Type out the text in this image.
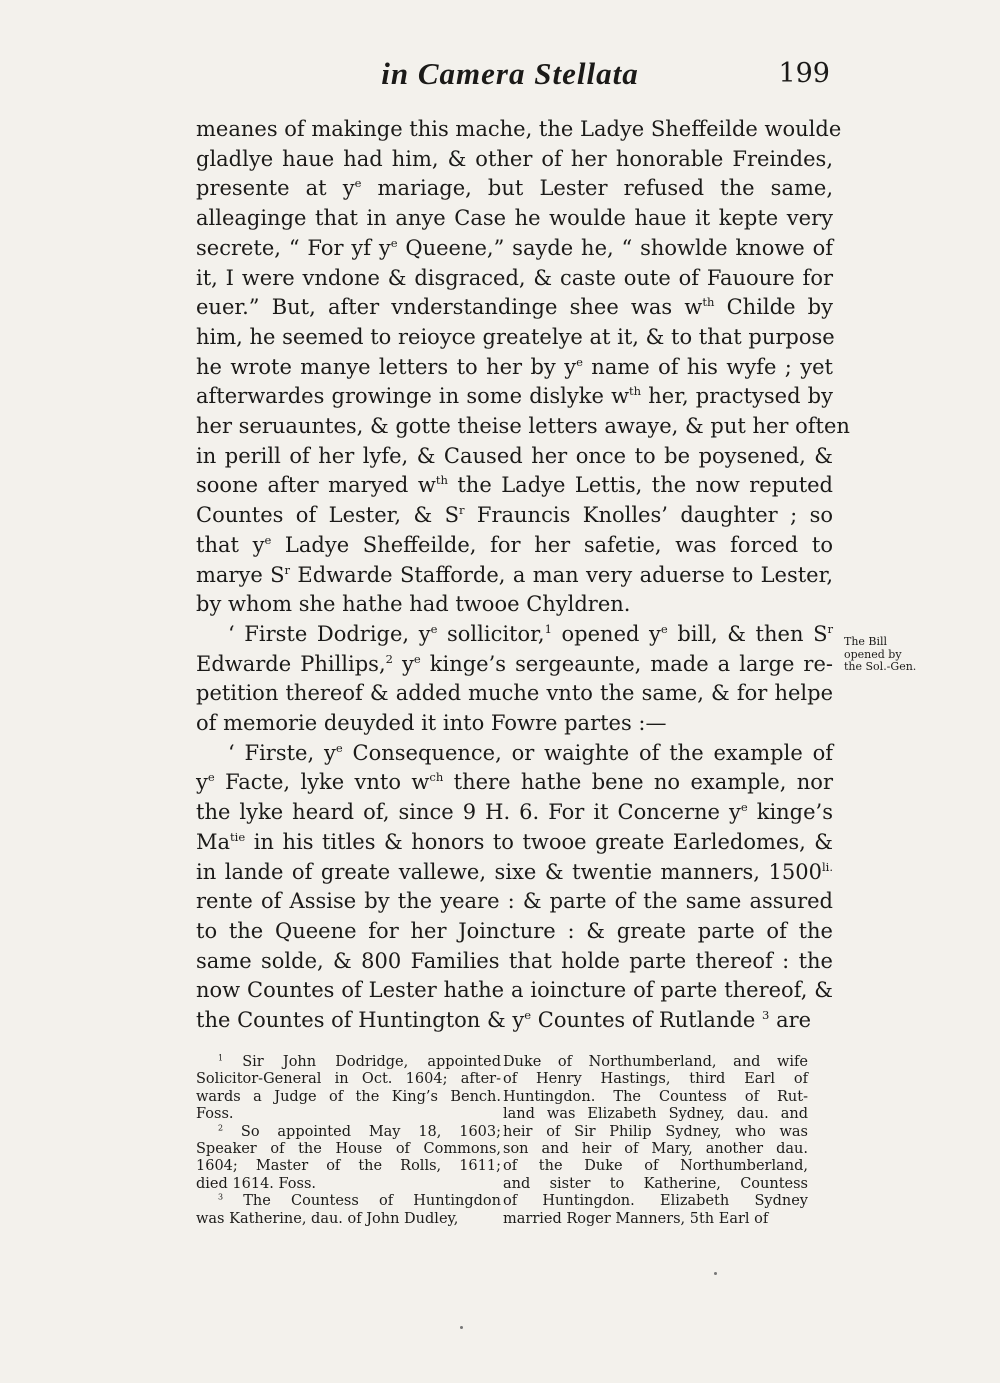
in Camera Stellata	199
meanes of makinge this mache, the Ladye Sheffeilde woulde
gladlye haue had him, & other of her honorable Freindes,
presente at $y^e$ mariage, but Lester refused the same,
alleaginge that in anye Case he woulde haue it kepte very
secrete, “ For yf $y^e$ Queene,” sayde he, “ showlde knowe of
it, I were vndone & disgraced, & caste oute of Fauoure for
euer.” But, after vnderstandinge shee was $w^{th}$ Childe by
him, he seemed to reioyce greatelye at it, & to that purpose
he wrote manye letters to her by $y^e$ name of his wyfe ; yet
afterwardes growinge in some dislyke $w^{th}$ her, practysed by
her seruauntes, & gotte theise letters awaye, & put her often
in perill of her lyfe, & Caused her once to be poysened, &
soone after maryed $w^{th}$ the Ladye Lettis, the now reputed
Countes of Lester, & $S^r$ Frauncis Knolles’ daughter ; so
that $y^e$ Ladye Sheffeilde, for her safetie, was forced to
marye $S^r$ Edwarde Stafforde, a man very aduerse to Lester,
by whom she hathe had twooe Chyldren.
‘ Firste Dodrige, $y^e$ sollicitor,$^1$ opened $y^e$ bill, & then $S^r$
Edwarde Phillips,$^2$ $y^e$ kinge’s sergeaunte, made a large re-
petition thereof & added muche vnto the same, & for helpe
of memorie deuyded it into Fowre partes :—
‘ Firste, $y^e$ Consequence, or waighte of the example of
$y^e$ Facte, lyke vnto $w^{ch}$ there hathe bene no example, nor
the lyke heard of, since 9 H. 6. For it Concerne $y^e$ kinge’s
$Ma^{tie}$ in his titles & honors to twooe greate Earledomes, &
in lande of greate vallewe, sixe & twentie manners, $1500^{li.}$
rente of Assise by the yeare : & parte of the same assured
to the Queene for her Joincture : & greate parte of the
same solde, & 800 Families that holde parte thereof : the
now Countes of Lester hathe a ioincture of parte thereof, &
the Countes of Huntington & $y^e$ Countes of Rutlande $^3$ are
The Bill
opened by
the Sol.-Gen.
$^1$ Sir John Dodridge, appointed
Solicitor-General in Oct. 1604; after-
wards a Judge of the King’s Bench.
Foss.
$^2$ So appointed May 18, 1603;
Speaker of the House of Commons,
1604; Master of the Rolls, 1611;
died 1614. Foss.
$^3$ The Countess of Huntingdon
was Katherine, dau. of John Dudley,
Duke of Northumberland, and wife
of Henry Hastings, third Earl of
Huntingdon. The Countess of Rut-
land was Elizabeth Sydney, dau. and
heir of Sir Philip Sydney, who was
son and heir of Mary, another dau.
of the Duke of Northumberland,
and sister to Katherine, Countess
of Huntingdon. Elizabeth Sydney
married Roger Manners, 5th Earl of
